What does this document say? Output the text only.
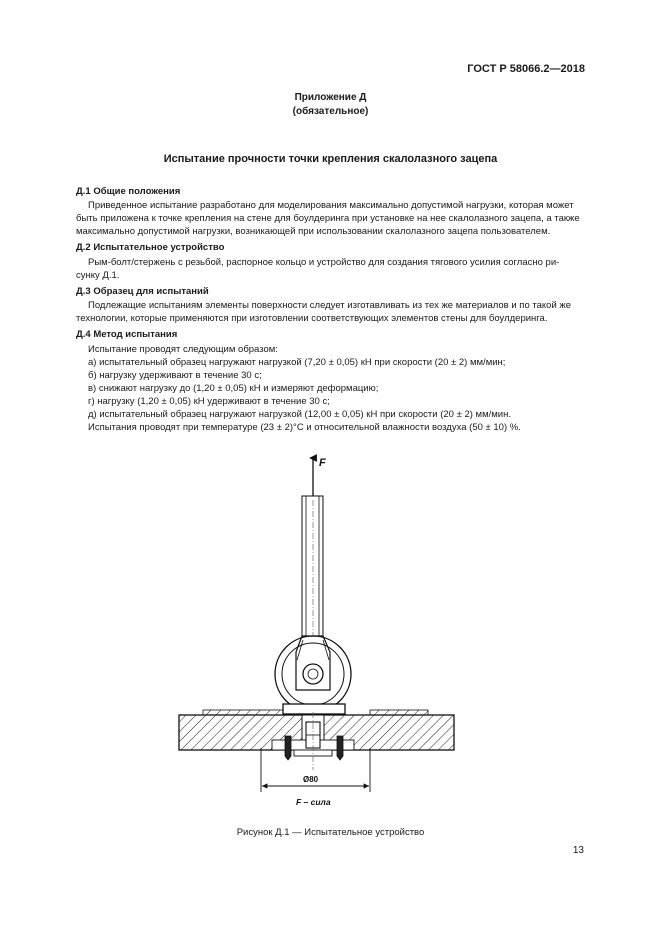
ГОСТ Р 58066.2—2018
Приложение Д
(обязательное)
Испытание прочности точки крепления скалолазного зацепа
Д.1 Общие положения
Приведенное испытание разработано для моделирования максимально допустимой нагрузки, которая может
быть приложена к точке крепления на стене для боулдеринга при установке на нее скалолазного зацепа, а также
максимально допустимой нагрузки, возникающей при использовании скалолазного зацепа пользователем.
Д.2 Испытательное устройство
Рым-болт/стержень с резьбой, распорное кольцо и устройство для создания тягового усилия согласно ри-
сунку Д.1.
Д.3 Образец для испытаний
Подлежащие испытаниям элементы поверхности следует изготавливать из тех же материалов и по такой же
технологии, которые применяются при изготовлении соответствующих элементов стены для боулдеринга.
Д.4 Метод испытания
Испытание проводят следующим образом:
а) испытательный образец нагружают нагрузкой (7,20 ± 0,05) кН при скорости (20 ± 2) мм/мин;
б) нагрузку удерживают в течение 30 с;
в) снижают нагрузку до (1,20 ± 0,05) кН и измеряют деформацию;
г) нагрузку (1,20 ± 0,05) кН удерживают в течение 30 с;
д) испытательный образец нагружают нагрузкой (12,00 ± 0,05) кН при скорости (20 ± 2) мм/мин.
Испытания проводят при температуре (23 ± 2)°С и относительной влажности воздуха (50 ± 10) %.
F
Ø80
F – сила
Рисунок Д.1 — Испытательное устройство
13
